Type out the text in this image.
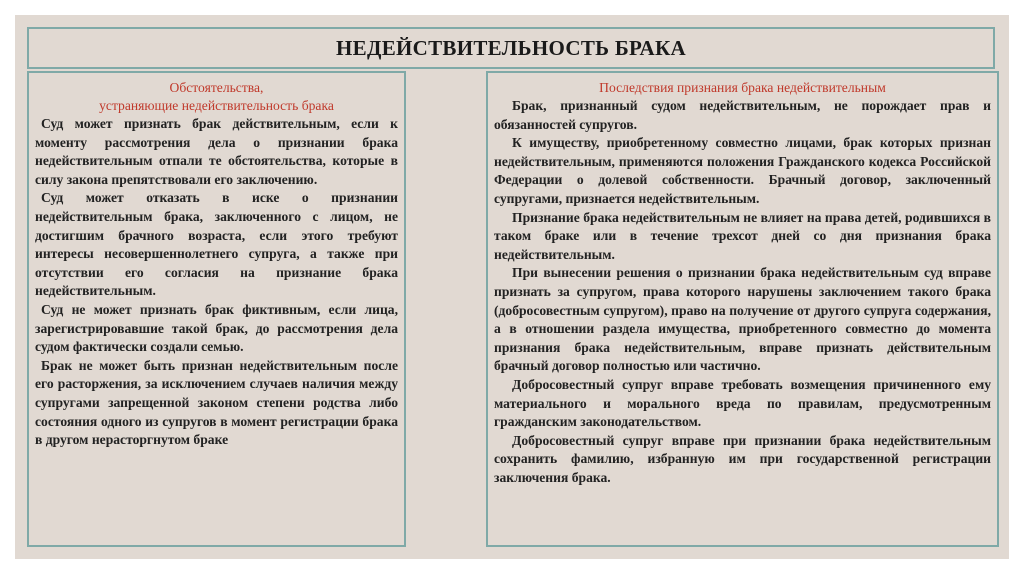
НЕДЕЙСТВИТЕЛЬНОСТЬ БРАКА
Обстоятельства,
устраняющие недействительность брака

Суд может признать брак действительным, если к моменту рассмотрения дела о признании брака недействительным отпали те обстоятельства, которые в силу закона препятствовали его заключению.

Суд может отказать в иске о признании недействительным брака, заключенного с лицом, не достигшим брачного возраста, если этого требуют интересы несовершеннолетнего супруга, а также при отсутствии его согласия на признание брака недействительным.

Суд не может признать брак фиктивным, если лица, зарегистрировавшие такой брак, до рассмотрения дела судом фактически создали семью.

Брак не может быть признан недействительным после его расторжения, за исключением случаев наличия между супругами запрещенной законом степени родства либо состояния одного из супругов в момент регистрации брака в другом нерасторгнутом браке

Последствия признания брака недействительным

Брак, признанный судом недействительным, не порождает прав и обязанностей супругов.

К имуществу, приобретенному совместно лицами, брак которых признан недействительным, применяются положения Гражданского кодекса Российской Федерации о долевой собственности. Брачный договор, заключенный супругами, признается недействительным.

Признание брака недействительным не влияет на права детей, родившихся в таком браке или в течение трехсот дней со дня признания брака недействительным.

При вынесении решения о признании брака недействительным суд вправе признать за супругом, права которого нарушены заключением такого брака (добросовестным супругом), право на получение от другого супруга содержания, а в отношении раздела имущества, приобретенного совместно до момента признания брака недействительным, вправе признать действительным брачный договор полностью или частично.

Добросовестный супруг вправе требовать возмещения причиненного ему материального и морального вреда по правилам, предусмотренным гражданским законодательством.

Добросовестный супруг вправе при признании брака недействительным сохранить фамилию, избранную им при государственной регистрации заключения брака.
